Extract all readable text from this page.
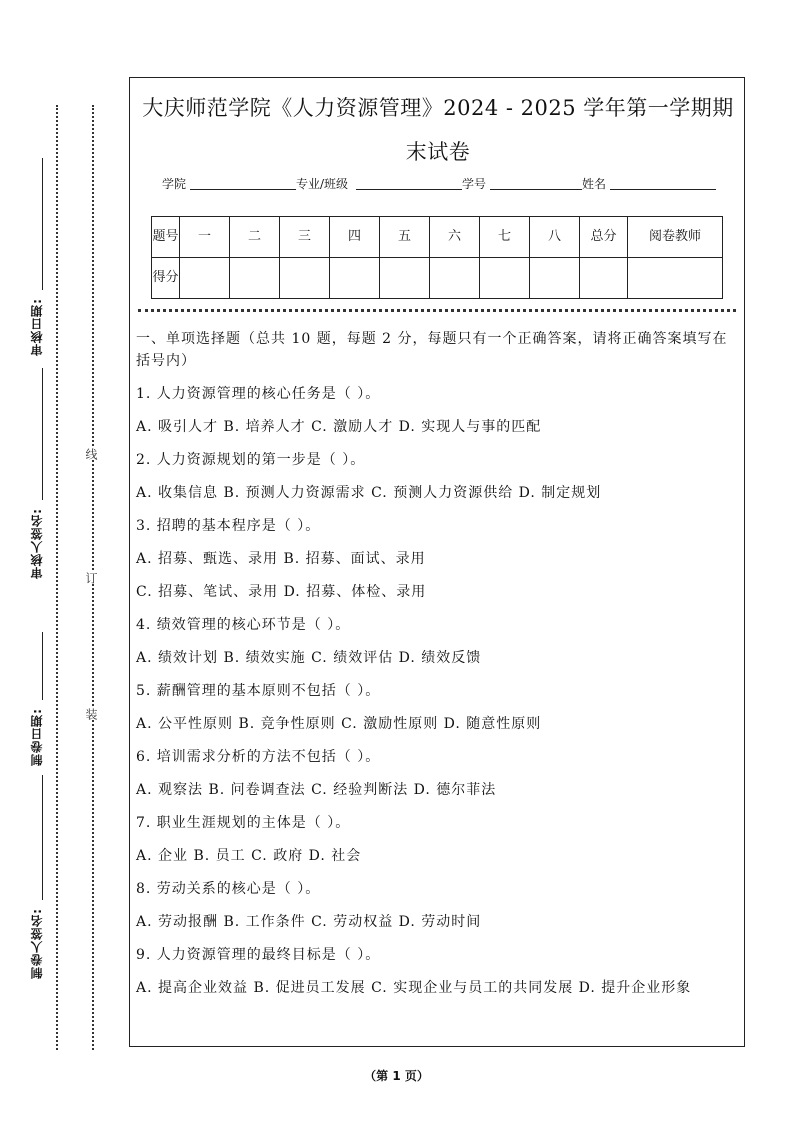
审核日期:
审核人签名:
制卷日期:
制卷人签名:
线
订
装
大庆师范学院《人力资源管理》2024 - 2025 学年第一学期期末试卷
学院	专业/班级	学号	姓名
题号	一	二	三	四	五	六	七	八	总分	阅卷教师
得分										

一、单项选择题（总共 10 题，每题 2 分，每题只有一个正确答案，请将正确答案填写在括号内）

1. 人力资源管理的核心任务是（ ）。
A. 吸引人才 B. 培养人才 C. 激励人才 D. 实现人与事的匹配
2. 人力资源规划的第一步是（ ）。
A. 收集信息 B. 预测人力资源需求 C. 预测人力资源供给 D. 制定规划
3. 招聘的基本程序是（ ）。
A. 招募、甄选、录用 B. 招募、面试、录用
C. 招募、笔试、录用 D. 招募、体检、录用
4. 绩效管理的核心环节是（ ）。
A. 绩效计划 B. 绩效实施 C. 绩效评估 D. 绩效反馈
5. 薪酬管理的基本原则不包括（ ）。
A. 公平性原则 B. 竞争性原则 C. 激励性原则 D. 随意性原则
6. 培训需求分析的方法不包括（ ）。
A. 观察法 B. 问卷调查法 C. 经验判断法 D. 德尔菲法
7. 职业生涯规划的主体是（ ）。
A. 企业 B. 员工 C. 政府 D. 社会
8. 劳动关系的核心是（ ）。
A. 劳动报酬 B. 工作条件 C. 劳动权益 D. 劳动时间
9. 人力资源管理的最终目标是（ ）。
A. 提高企业效益 B. 促进员工发展 C. 实现企业与员工的共同发展 D. 提升企业形象
（第 1 页）
